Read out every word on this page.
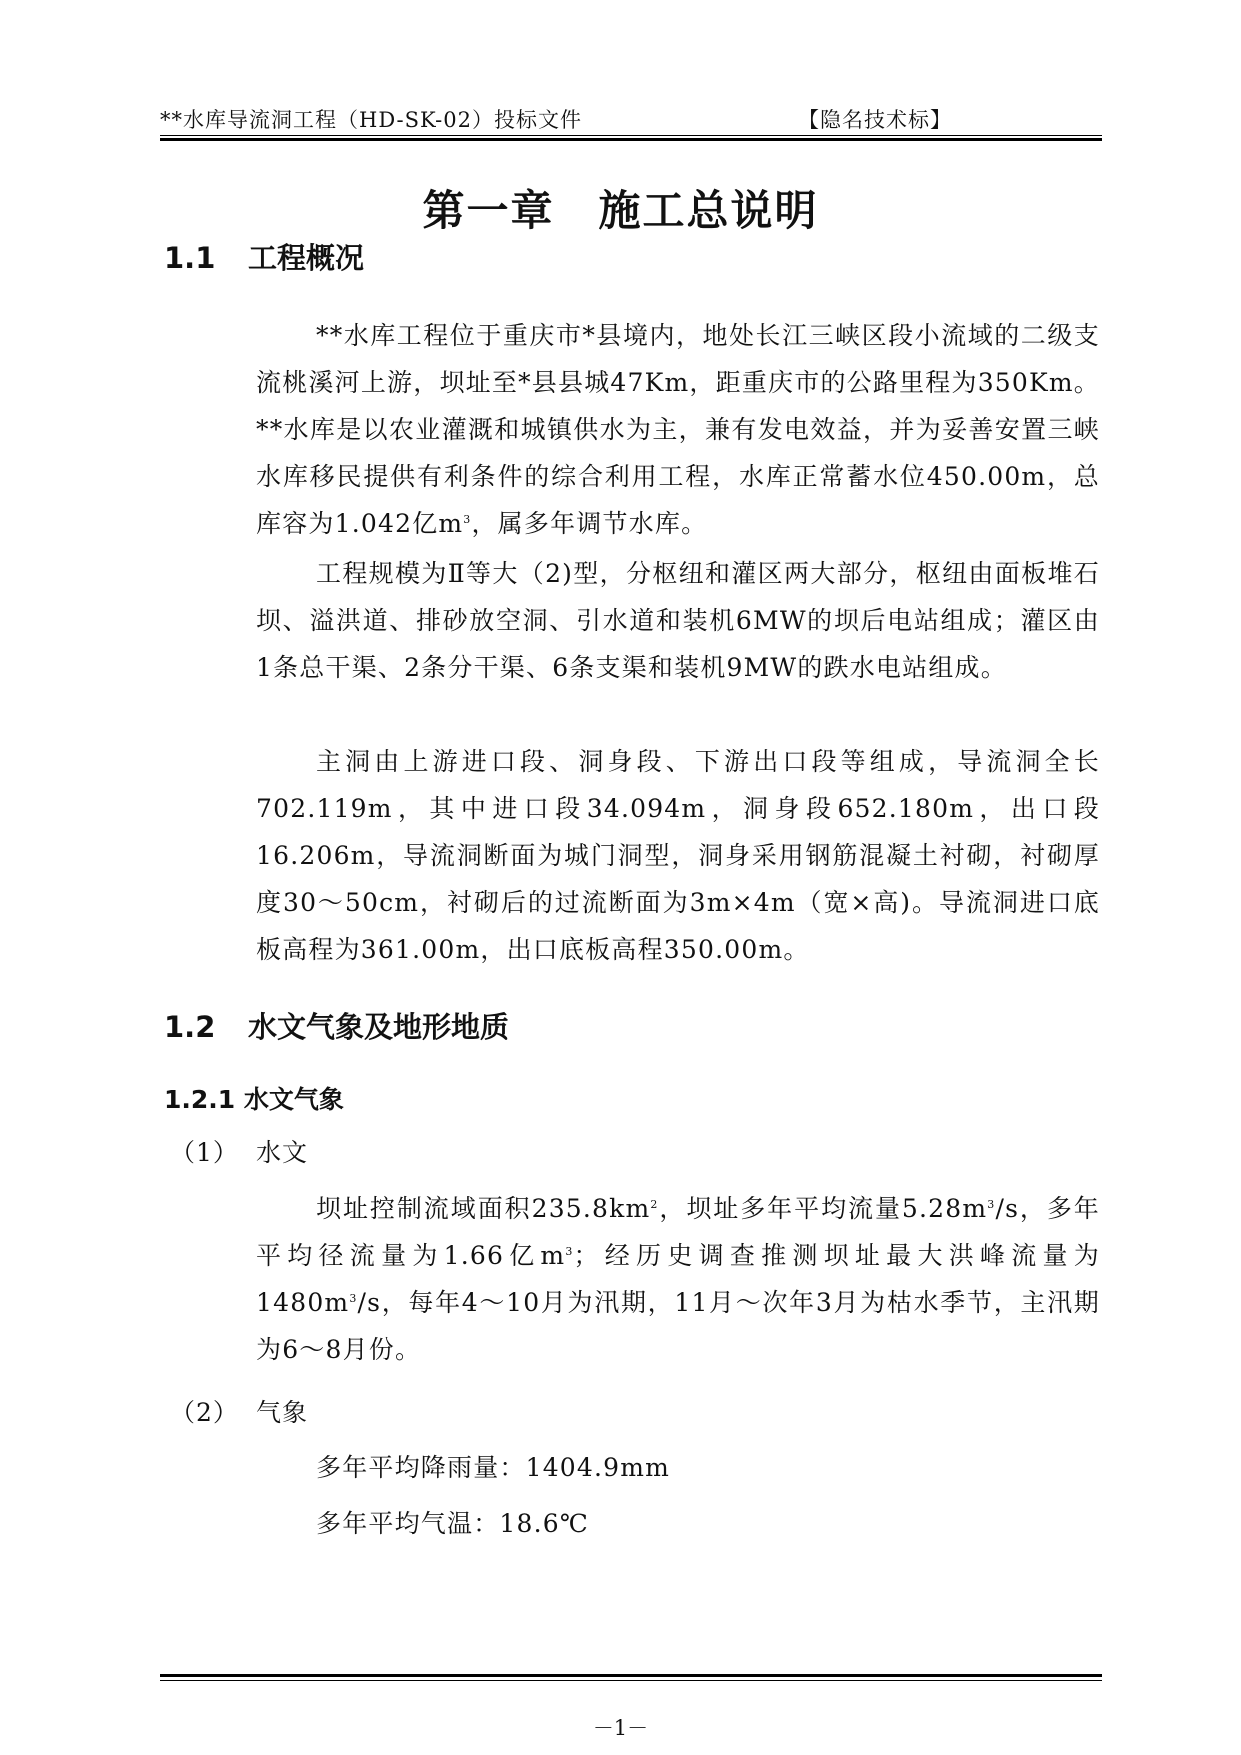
**水库导流洞工程（HD-SK-02）投标文件	【隐名技术标】
第一章　施工总说明
1.1 工程概况

**水库工程位于重庆市*县境内，地处长江三峡区段小流域的二级支流桃溪河上游，坝址至*县县城47Km，距重庆市的公路里程为350Km。**水库是以农业灌溉和城镇供水为主，兼有发电效益，并为妥善安置三峡水库移民提供有利条件的综合利用工程，水库正常蓄水位450.00m，总库容为1.042亿$m^3$，属多年调节水库。

工程规模为Ⅱ等大（2)型，分枢纽和灌区两大部分，枢纽由面板堆石坝、溢洪道、排砂放空洞、引水道和装机6MW的坝后电站组成；灌区由1条总干渠、2条分干渠、6条支渠和装机9MW的跌水电站组成。

主洞由上游进口段、洞身段、下游出口段等组成，导流洞全长702.119m，其中进口段34.094m，洞身段652.180m，出口段16.206m，导流洞断面为城门洞型，洞身采用钢筋混凝土衬砌，衬砌厚度30～50cm，衬砌后的过流断面为3m×4m（宽×高)。导流洞进口底板高程为361.00m，出口底板高程350.00m。

1.2 水文气象及地形地质
1.2.1 水文气象
（1） 水文

坝址控制流域面积$235.8km^2$，坝址多年平均流量$5.28m^3/s$，多年平均径流量为1.66亿$m^3$；经历史调查推测坝址最大洪峰流量为$1480m^3/s$，每年4～10月为汛期，11月～次年3月为枯水季节，主汛期为6～8月份。

（2） 气象
多年平均降雨量：1404.9mm
多年平均气温：18.6℃
－1－
